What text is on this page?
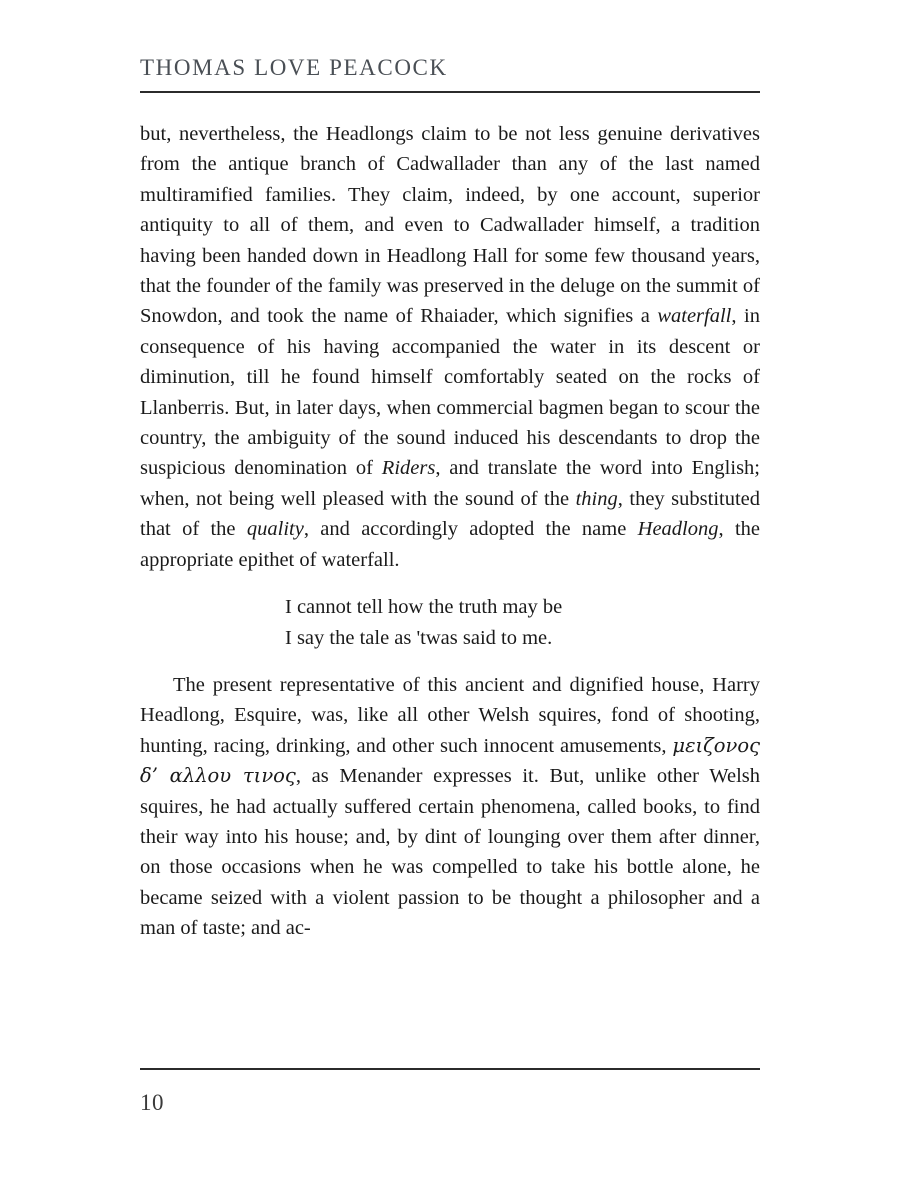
THOMAS LOVE PEACOCK

but, nevertheless, the Headlongs claim to be not less genuine derivatives from the antique branch of Cadwallader than any of the last named multiramified families. They claim, indeed, by one account, superior antiquity to all of them, and even to Cadwallader himself, a tradition having been handed down in Headlong Hall for some few thousand years, that the founder of the family was preserved in the deluge on the summit of Snowdon, and took the name of Rhaiader, which signifies a waterfall, in consequence of his having accompanied the water in its descent or diminution, till he found himself comfortably seated on the rocks of Llanberris. But, in later days, when commercial bagmen began to scour the country, the ambiguity of the sound induced his descendants to drop the suspicious denomination of Riders, and translate the word into English; when, not being well pleased with the sound of the thing, they substituted that of the quality, and accordingly adopted the name Headlong, the appropriate epithet of waterfall.

I cannot tell how the truth may be
I say the tale as 'twas said to me.

The present representative of this ancient and dignified house, Harry Headlong, Esquire, was, like all other Welsh squires, fond of shooting, hunting, racing, drinking, and other such innocent amusements, μειζονος δ’ αλλου τινος, as Menander expresses it. But, unlike other Welsh squires, he had actually suffered certain phenomena, called books, to find their way into his house; and, by dint of lounging over them after dinner, on those occasions when he was compelled to take his bottle alone, he became seized with a violent passion to be thought a philosopher and a man of taste; and ac-

10
